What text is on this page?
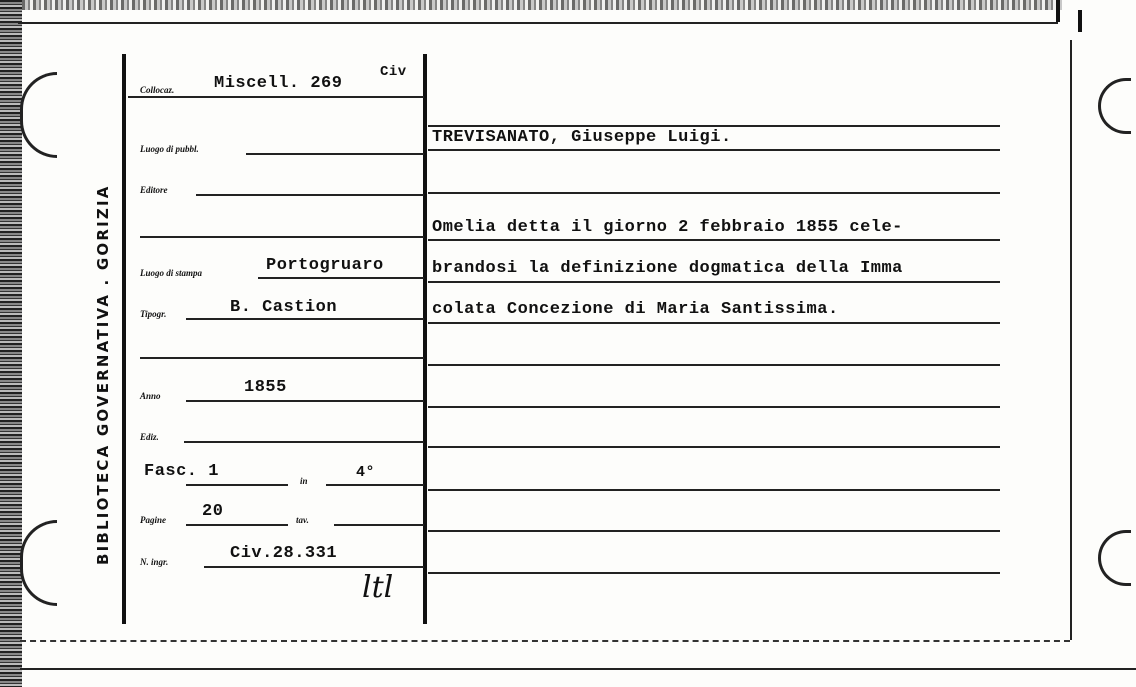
BIBLIOTECA GOVERNATIVA . GORIZIA
Collocaz.
Luogo di pubbl.
Editore
Luogo di stampa
Tipogr.
Anno
Ediz.
in
Pagine	tav.
N. ingr.
Miscell. 269
Civ
Portogruaro
B. Castion
1855
Fasc. 1	4°
20
Civ.28.331
TREVISANATO, Giuseppe Luigi.
Omelia detta il giorno 2 febbraio 1855 cele-
brandosi la definizione dogmatica della Imma
colata Concezione di Maria Santissima.
ltl
